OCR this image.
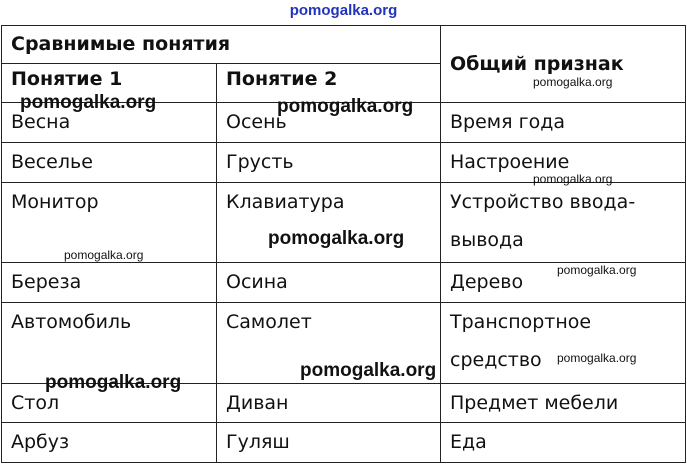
pomogalka.org
Сравнимые понятия		Общий признак
Понятие 1	Понятие 2	
Весна	Осень	Время года
Веселье	Грусть	Настроение
Монитор	Клавиатура	Устройство ввода-вывода
Береза	Осина	Дерево
Автомобиль	Самолет	Транспортное средство
Стол	Диван	Предмет мебели
Арбуз	Гуляш	Еда
pomogalka.org	pomogalka.org
pomogalka.org
pomogalka.org
pomogalka.org
pomogalka.org
pomogalka.org
pomogalka.org
pomogalka.org
pomogalka.org
